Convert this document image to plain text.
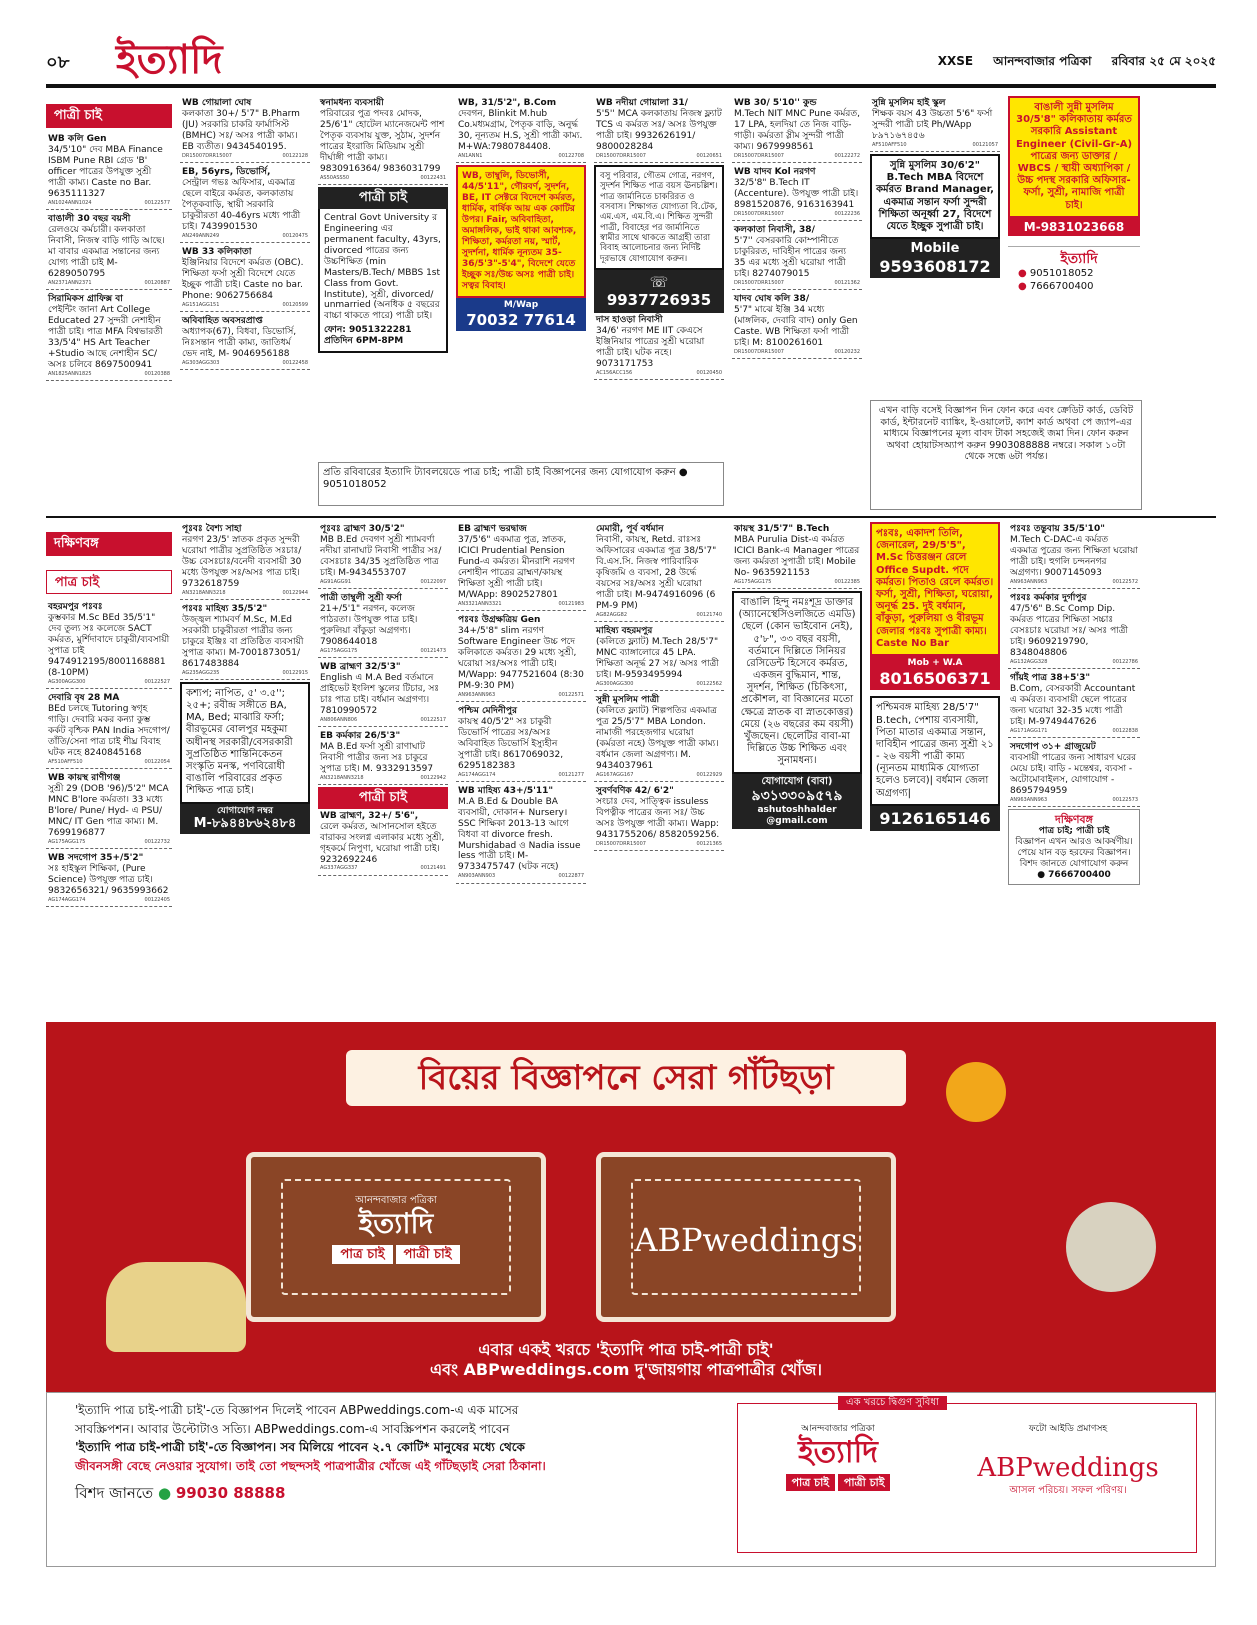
০৮ ইত্যাদি	XXSE আনন্দবাজার পত্রিকা রবিবার ২৫ মে ২০২৫
পাত্রী চাই

WB কলি Gen

34/5'10" দেব MBA Finance ISBM Pune RBI গ্রেড 'B' officer পাত্রের উপযুক্ত সুশ্রী পাত্রী কাম্য। Caste no Bar. 9635111327

AN1024ANN1024	00122577

বাঙালী 30 বছর বয়সী

রেলওয়ে কর্মচারী। কলকাতা নিবাসী, নিজস্ব বাড়ি গাড়ি আছে। মা বাবার একমাত্র সন্তানের জন্য যোগ্য পাত্রী চাই M-6289050795

AN2371ANN2371	00120887

সিরামিকস গ্রাফিক্স বা

পেইন্টিং জানা Art College Educated 27 সুন্দরী নেশাহীন পাত্রী চাই। পাত্র MFA বিশ্বভারতী 33/5'4" HS Art Teacher +Studio আছে নেশাহীন SC/অসঃ চলিবে 8697500941

AN1825ANN1825	00120388

WB গোয়ালা ঘোষ

কলকাতা 30+/ 5'7" B.Pharm (JU) সরকারি চাকরি ফার্মাসিস্ট (BMHC) সঃ/ অসঃ পাত্রী কাম্য। EB ব্যতীত। 9434540195.

DR15007DRR15007	00122128

EB, 56yrs, ডিভোর্সি,

সেন্ট্রাল গভঃ অফিসার, একমাত্র ছেলে বাইরে কর্মরত, কলকাতায় পৈতৃকবাড়ি, স্থায়ী সরকারি চাকুরীরতা 40-46yrs মধ্যে পাত্রী চাই। 7439901530

AN249ANN249	00120475

WB 33 কলিকাতা

ইঞ্জিনিয়ার বিদেশে কর্মরত (OBC). শিক্ষিতা ফর্সা সুশ্রী বিদেশে যেতে ইচ্ছুক পাত্রী চাই। Caste no bar. Phone: 9062756684

AG151AGG151	00120599

অবিবাহিত অবসরপ্রাপ্ত

অধ্যাপক(67), বিধবা, ডিভোর্সি, নিঃসন্তান পাত্রী কাম্য, জাতিধর্ম ভেদ নাই, M- 9046956188

AG303AGG303	00122458

স্বনামধন্য ব্যবসায়ী

পরিবারের পুত্র পদবঃ মোদক, 25/6'1" হোটেল ম্যানেজমেন্ট পাশ পৈতৃক ব্যবসায় যুক্ত, সুঠাম, সুদর্শন পাত্রের ইংরাজি মিডিয়াম সুশ্রী দীর্ঘাঙ্গী পাত্রী কাম্য। 9830916364/ 9836031799

AS50ASS50	00122431
পাত্রী চাই

Central Govt University র Engineering এর permanent faculty, 43yrs, divorced পাত্রের জন্য উচ্চশিক্ষিত (min Masters/B.Tech/ MBBS 1st Class from Govt. Institute), সুশ্রী, divorced/ unmarried (অনধিক ৫ বছরের বাচ্চা থাকতে পারে) পাত্রী চাই।

ফোন: 9051322281

প্রতিদিন 6PM-8PM

WB, 31/5'2", B.Com

দেবগন, Blinkit M.hub Co.মধ্যমগ্রাম, পৈতৃক বাড়ি, অনুর্দ্ধ 30, নূন্যতম H.S, সুশ্রী পাত্রী কাম্য. M+WA:7980784408.

AN1ANN1	00122708

WB, তাম্বুলি, ডিভোর্সী, 44/5'11", গৌরবর্ণ, সুদর্শন, BE, IT সেক্টরে বিদেশে কর্মরত, ধার্মিক, বার্ষিক আয় এক কোটির উপর। Fair, অবিবাহিতা, অমাঙ্গলিক, ভাই থাকা আবশ্যক, শিক্ষিতা, কর্মরতা নয়, স্মার্ট, সুদর্শনা, ধার্মিক নূন্যতম 35-36/5'3"-5'4", বিদেশে যেতে ইচ্ছুক সঃ/উচ্চ অসঃ পাত্রী চাই। সত্বর বিবাহ।

M/Wap
70032 77614

WB নদীয়া গোয়ালা 31/

5'5'' MCA কলকাতায় নিজস্ব ফ্ল্যাট TCS এ কর্মরত সঃ/ অসঃ উপযুক্ত পাত্রী চাই। 9932626191/ 9800028284

DR15007DRR15007	00120651

বসু পরিবার, গৌতম গোত্র, নরগণ, সুদর্শন শিক্ষিত পাত্র বয়স ঊনচল্লিশ। পাত্র জার্মানিতে চাকরিরত ও বসবাস। শিক্ষাগত যোগ্যতা বি.টেক, এম.এস, এম.বি.এ। শিক্ষিত সুন্দরী পাত্রী, বিবাহের পর জার্মানিতে স্বামীর সাথে থাকতে আগ্রহী তারা বিবাহ আলোচনার জন্য নির্দিষ্ট দূরভাষে যোগাযোগ করুন।

☏ 9937726935

দাস হাওড়া নিবাসী

34/6' নরগণ ME IIT কেএসে ইঞ্জিনিয়ার পাত্রের সুশ্রী ঘরোয়া পাত্রী চাই। ঘটক নহে। 9073171753

AC156ACC156	00120450

WB 30/ 5'10'' কুন্ড

M.Tech NIT MNC Pune কর্মরত, 17 LPA, হলদিয়া তে নিজ বাড়ি-গাড়ী। কর্মরতা স্লীম সুন্দরী পাত্রী কাম্য। 9679998561

DR15007DRR15007	00122272

WB যাদব Kol নরগণ

32/5'8" B.Tech IT (Accenture). উপযুক্ত পাত্রী চাই। 8981520876, 9163163941

DR15007DRR15007	00122236

কলকাতা নিবাসী, 38/

5'7'' বেসরকারি কোম্পানীতে চাকুরিরত, দাবিহীন পাত্রের জন্য 35 এর মধ্যে সুশ্রী ঘরোয়া পাত্রী চাই। 8274079015

DR15007DRR15007	00121362

যাদব ঘোষ কলি 38/

5'7" মাঝে ইঞ্জি 34 মধ্যে (মাঙ্গলিক, দেবারি বাদ) only Gen Caste. WB শিক্ষিতা ফর্সা পাত্রী চাই। M: 8100261601

DR15007DRR15007	00120232

সুন্নি মুসলিম হাই স্কুল

শিক্ষক বয়স 43 উচ্চতা 5'6" ফর্সা সুন্দরী পাত্রী চাই Ph/WApp ৮৯৭১৬৭৪৫৬

AF510AFF510	00121057

সুন্নি মুসলিম 30/6'2" B.Tech MBA বিদেশে কর্মরত Brand Manager, একমাত্র সন্তান ফর্সা সুন্দরী শিক্ষিতা অনূর্ধ্বা 27, বিদেশে যেতে ইচ্ছুক সুপাত্রী চাই।

Mobile
9593608172

বাঙালী সুন্নী মুসলিম 30/5'8" কলিকাতায় কর্মরত সরকারি Assistant Engineer (Civil-Gr-A) পাত্রের জন্য ডাক্তার / WBCS / স্থায়ী অধ্যাপিকা / উচ্চ পদস্থ সরকারি অফিসার-ফর্সা, সুশ্রী, নামাজি পাত্রী চাই।

M-9831023668
ইত্যাদি
● 9051018052
● 7666700400

এখন বাড়ি বসেই বিজ্ঞাপন দিন ফোন করে এবং ক্রেডিট কার্ড, ডেবিট কার্ড, ইন্টারনেট ব্যাঙ্কিং, ই-ওয়ালেট, ক্যাশ কার্ড অথবা পে জ্যাপ-এর মাধ্যমে বিজ্ঞাপনের মূল্য বাবদ টাকা সহজেই জমা দিন। ফোন করুন অথবা হোয়াটসঅ্যাপ করুন 9903088888 নম্বরে। সকাল ১০টা থেকে সন্ধে ৬টা পর্যন্ত।

প্রতি রবিবারের ইত্যাদি ট্যাবলয়েডে পাত্র চাই; পাত্রী চাই বিজ্ঞাপনের জন্য যোগাযোগ করুন ● 9051018052

দক্ষিণবঙ্গ
পাত্র চাই

বহরমপুর পঃবঃ

কুম্ভকার M.Sc BEd 35/5'1" দেব তুল্য সঃ কলেজে SACT কর্মরত, মুর্শিদাবাদে চাকুরী/ব্যবসায়ী সুপাত্র চাই 9474912195/8001168881 (8-10PM)

AG300AGG300	00122527

দেবারি বৃষ 28 MA

BEd চলছে Tutoring স্বগৃহ গাড়ি। দেবারি মকর কন্যা কুম্ভ কর্কট বৃশ্চিক PAN India সদগোপ/তাঁতি/সেনা পাত্র চাই শীঘ্র বিবাহ ঘটক নহে 8240845168

AF510AFF510	00122054

WB কায়স্থ রাণীগঞ্জ

সুশ্রী 29 (DOB '96)/5'2" MCA MNC B'lore কর্মরতা। 33 মধ্যে B'lore/ Pune/ Hyd- এ PSU/ MNC/ IT Gen পাত্র কাম্য। M. 7699196877

AG175AGG175	00122732

WB সদগোপ 35+/5'2"

সঃ হাইস্কুল শিক্ষিকা, (Pure Science) উপযুক্ত পাত্র চাই। 9832656321/ 9635993662

AG174AGG174	00122405

পূঃবঃ বৈশ্য সাহা

নরগণ 23/5' স্নাতক প্রকৃত সুন্দরী ঘরোয়া পাত্রীর সুপ্রতিষ্ঠিত সঃচাঃ/উচ্চ বেসঃচাঃ/বনেদী ব্যবসায়ী 30 মধ্যে উপযুক্ত সঃ/অসঃ পাত্র চাই। 9732618759

AN3218ANN3218	00122944

পঃবঃ মাহিষ্য 35/5'2"

উজ্জ্বল শ্যামবর্ণ M.Sc, M.Ed সরকারী চাকুরীরতা পাত্রীর জন্য চাকুরে ইঞ্জিঃ বা প্রতিষ্ঠিত ব্যবসায়ী সুপাত্র কাম্য। M-7001873051/ 8617483884

AG235AGG235	00122915

কশ্যপ; নাপিত, ৫' ৩.৫''; ২৫+; রবীন্দ্র সঙ্গীতে BA, MA, Bed; মাঝারি ফর্সা; বীরভূমের বোলপুর মহকুমা অধীনস্থ সরকারী/বেসরকারী সুপ্রতিষ্ঠিত শান্তিনিকেতন সংস্কৃতি মনস্ক, পণবিরোধী বাঙালি পরিবারের প্রকৃত শিক্ষিত পাত্র চাই।

যোগাযোগ নম্বর
M-৮৯৪৪৮৬২৪৮৪

পূঃবঃ ব্রাহ্মণ 30/5'2"

MB B.Ed দেবগণ সুশ্রী শ্যামবর্ণা নদীয়া রানাঘাট নিবাসী পাত্রীর সঃ/বেসঃচাঃ 34/35 সুপ্রতিষ্ঠিত পাত্র চাই। M-9434553707

AG91AGG91	00122097

পাত্রী তাম্বুলী সুশ্রী ফর্সা

21+/5'1" নরগন, কলেজ পাঠরতা। উপযুক্ত পাত্র চাই। পুরুলিয়া বাঁকুড়া অগ্রগণ্য। 7908644018

AG175AGG175	00121473

WB ব্রাহ্মণ 32/5'3"

English এ M.A Bed বর্তমানে প্রাইভেট ইংলিশ স্কুলের টিচার, সঃ চাঃ পাত্র চাই। বর্ধমান অগ্রগণ্য। 7810990572

AN806ANN806	00122517

EB কর্মকার 26/5'3"

MA B.Ed ফর্সা সুশ্রী রাণাঘাট নিবাসী পাত্রীর জন্য সঃ চাকুরে সুপাত্র চাই। M. 9332913597

AN3218ANN3218	00122942
পাত্রী চাই

WB ব্রাহ্মণ, 32+/ 5'6",

রেলে কর্মরত, আসানসোল হইতে বারাকর সংলগ্ন এলাকার মধ্যে সুশ্রী, গৃহকর্মে নিপুণা, ঘরোয়া পাত্রী চাই। 9232692246

AG337AGG337	00121491

EB ব্রাহ্মণ ভরদ্বাজ

37/5'6" একমাত্র পুত্র, স্নাতক, ICICI Prudential Pension Fund-এ কর্মরত। মীনরাশি নরগণ নেশাহীন পাত্রের ব্রাহ্মণ/কায়স্থ শিক্ষিতা সুশ্রী পাত্রী চাই। M/WApp: 8902527801

AN3321ANN3321	00121983

পঃবঃ উগ্রক্ষত্রিয় Gen

34+/5'8" slim নরগণ Software Engineer উচ্চ পদে কলিকাতে কর্মরত। 29 মধ্যে সুশ্রী, ঘরোয়া সঃ/অসঃ পাত্রী চাই। M/Wapp: 9477521604 (8:30 PM-9:30 PM)

AN963ANN963	00122571

পশ্চিম মেদিনীপুর

কায়স্থ 40/5'2" সঃ চাকুরী ডিভোর্সি পাত্রের সঃ/অসঃ অবিবাহিত ডিভোর্সি ইস্যুহীন সুপাত্রী চাই। 8617069032, 6295182383

AG174AGG174	00121277

WB মাহিষ্য 43+/5'11"

M.A B.Ed & Double BA ব্যবসায়ী, দোকান+ Nursery। SSC শিক্ষিকা 2013-13 আগে বিধবা বা divorce fresh. Murshidabad ও Nadia issue less পাত্রী চাই। M-9733475747 (ঘটক নহে)

AN903ANN903	00122877

মেমারী, পূর্ব বর্ধমান

নিবাসী, কায়স্থ, Retd. রাঃসঃ অফিসারের একমাত্র পুত্র 38/5'7" বি.এস.সি. নিজস্ব পারিবারিক কৃষিজমি ও ব্যবসা, 28 উর্দ্ধে বয়সের সঃ/অসঃ সুশ্রী ঘরোয়া পাত্রী চাই। M-9474916096 (6 PM-9 PM)

AG82AGG82	00121740

মাহিষ্য বহরমপুর

(কলিতে ফ্ল্যাট) M.Tech 28/5'7" MNC ব্যাঙ্গালোরে 45 LPA. শিক্ষিতা অনূর্দ্ধ 27 সঃ/ অসঃ পাত্রী চাই। M-9593495994

AG300AGG300	00122562

সুন্নী মুসলিম পাত্রী

(কলিতে ফ্ল্যাট) শিল্পপতির একমাত্র পুত্র 25/5'7" MBA London. নামাজী পরহেজগার ঘরোয়া (কর্মরতা নহে) উপযুক্ত পাত্রী কাম্য। বর্ধমান জেলা অগ্রগণ্য। M. 9434037961

AG167AGG167	00122929

সুবর্ণবণিক 42/ 6'2"

সংচাঃ দেব, সাত্ত্বিক issuless বিপত্নীক পাত্রের জন্য সঃ/ উচ্চ অসঃ উপযুক্ত পাত্রী কাম্য। Wapp: 9431755206/ 8582059256.

DR15007DRR15007	00121365

কায়স্থ 31/5'7" B.Tech

MBA Purulia Dist-এ কর্মরত ICICI Bank-এ Manager পাত্রের জন্য কর্মরতা সুপাত্রী চাই। Mobile No- 9635921153

AG175AGG175	00122385

বাঙালি হিন্দু নমঃশূদ্র ডাক্তার (অ্যানেস্থেসিওলজিতে এমডি) ছেলে (কোন ভাইবোন নেই), ৫'৮", ৩৩ বছর বয়সী, বর্তমানে দিল্লিতে সিনিয়র রেসিডেন্ট হিসেবে কর্মরত, একজন বুদ্ধিমান, শান্ত, সুদর্শন, শিক্ষিত (চিকিৎসা, প্রকৌশল, বা বিজ্ঞানের মতো ক্ষেত্রে স্নাতক বা স্নাতকোত্তর) মেয়ে (২৬ বছরের কম বয়সী) খুঁজছেন। ছেলেটির বাবা-মা দিল্লিতে উচ্চ শিক্ষিত এবং সুনামধন্য।

যোগাযোগ (বাবা)
৯৩১৩৩০৯৫৭৯
ashutoshhalder @gmail.com

পঃবঃ, একাদশ তিলি, জেনারেল, 29/5'5", M.Sc চিত্তরঞ্জন রেলে Office Supdt. পদে কর্মরত। পিতাও রেলে কর্মরত। ফর্সা, সুশ্রী, শিক্ষিতা, ঘরোয়া, অনূর্দ্ধ 25. দুই বর্ধমান, বাঁকুড়া, পুরুলিয়া ও বীরভূম জেলার পঃবঃ সুপাত্রী কাম্য। Caste No Bar

Mob + W.A
8016506371

পশ্চিমবঙ্গ মাহিষ্য 28/5'7" B.tech, পেশায় ব্যবসায়ী, পিতা মাতার একমাত্র সন্তান, দাবিহীন পাত্রের জন্য সুশ্রী ২১ - ২৬ বয়সী পাত্রী কাম্য (ন্যূনতম মাধ্যমিক যোগ্যতা হলেও চলবে)| বর্ধমান জেলা অগ্রগণ্য|

9126165146

পঃবঃ তন্তুবায় 35/5'10"

M.Tech C-DAC-এ কর্মরত একমাত্র পুত্রের জন্য শিক্ষিতা ঘরোয়া পাত্রী চাই। হুগলি চন্দননগর অগ্রগণ্য। 9007145093

AN963ANN963	00122572

পঃবঃ কর্মকার দুর্গাপুর

47/5'6" B.Sc Comp Dip. কর্মরত পাত্রের শিক্ষিতা সচ্চাঃ বেসঃচাঃ ঘরোয়া সঃ/ অসঃ পাত্রী চাই। 9609219790, 8348048806

AG132AGG328	00122786

গাঁয়ই পাত্র 38+5'3"

B.Com, বেসরকারী Accountant এ কর্মরত। ব্যবসায়ী ছেলে পাত্রের জন্য ঘরোয়া 32-35 মধ্যে পাত্রী চাই। M-9749447626

AG171AGG171	00122838

সদগোপ ৩১+ গ্রাজুয়েট

ব্যবসায়ী পাত্রের জন্য সাধারণ ঘরের মেয়ে চাই। বাড়ি - মন্তেশ্বর, ব্যবসা - অটোমোবাইলস, যোগাযোগ - 8695794959

AN963ANN963	00122573
দক্ষিণবঙ্গ
পাত্র চাই; পাত্রী চাই
বিজ্ঞাপন এখন আরও আকর্ষণীয়। পেয়ে যান বড় হরফের বিজ্ঞাপন। বিশদ জানতে যোগাযোগ করুন
● 7666700400
বিয়ের বিজ্ঞাপনে সেরা গাঁটছড়া
আনন্দবাজার পত্রিকা
ইত্যাদি
পাত্র চাই পাত্রী চাই	ABPweddings
এবার একই খরচে 'ইত্যাদি পাত্র চাই-পাত্রী চাই'
এবং ABPweddings.com দু'জায়গায় পাত্রপাত্রীর খোঁজ।

'ইত্যাদি পাত্র চাই-পাত্রী চাই'-তে বিজ্ঞাপন দিলেই পাবেন ABPweddings.com-এ এক মাসের

সাবস্ক্রিপশন। আবার উল্টোটাও সত্যি। ABPweddings.com-এ সাবস্ক্রিপশন করলেই পাবেন

'ইত্যাদি পাত্র চাই-পাত্রী চাই'-তে বিজ্ঞাপন। সব মিলিয়ে পাবেন ২.৭ কোটি* মানুষের মধ্যে থেকে

জীবনসঙ্গী বেছে নেওয়ার সুযোগ। তাই তো পছন্দসই পাত্রপাত্রীর খোঁজে এই গাঁটছড়াই সেরা ঠিকানা।

বিশদ জানতে ● 99030 88888

এক খরচে দ্বিগুণ সুবিধা
আনন্দবাজার পত্রিকা
ইত্যাদি
পাত্র চাই পাত্রী চাই
ফটো আইডি প্রমাণসহ
ABPweddings
আসল পরিচয়। সফল পরিণয়।
